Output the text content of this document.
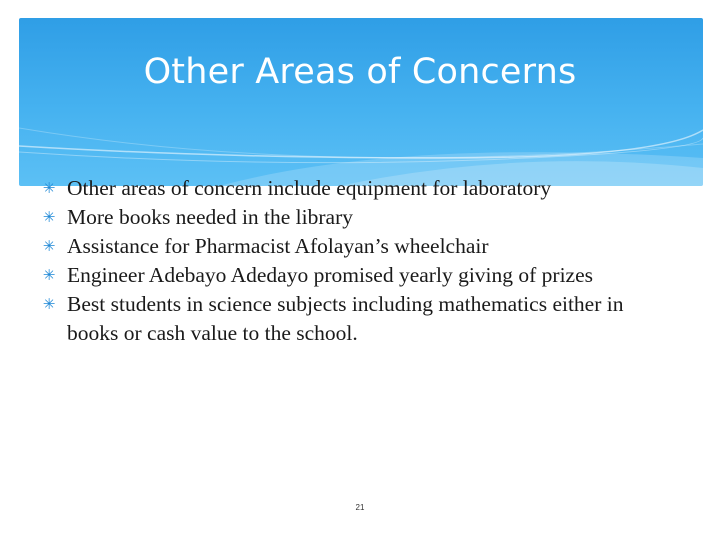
Other Areas of Concerns
✳ Other areas of concern include equipment for laboratory
✳ More books needed in the library
✳ Assistance for Pharmacist Afolayan’s wheelchair
✳ Engineer Adebayo Adedayo promised yearly giving of prizes
✳ Best students in science subjects including mathematics either in books or cash value to the school.
21
